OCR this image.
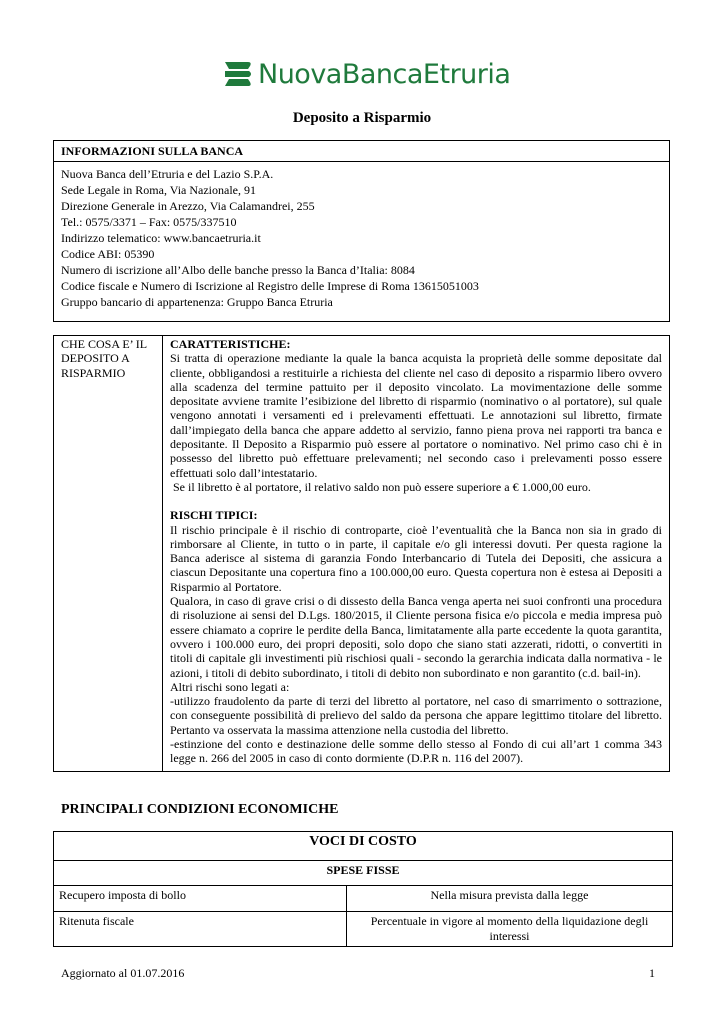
NuovaBancaEtruria
Deposito a Risparmio
INFORMAZIONI SULLA BANCA
Nuova Banca dell’Etruria e del Lazio S.P.A.
Sede Legale in Roma, Via Nazionale, 91
Direzione Generale in Arezzo, Via Calamandrei, 255
Tel.: 0575/3371 – Fax: 0575/337510
Indirizzo telematico: www.bancaetruria.it
Codice ABI: 05390
Numero di iscrizione all’Albo delle banche presso la Banca d’Italia: 8084
Codice fiscale e Numero di Iscrizione al Registro delle Imprese di Roma 13615051003
Gruppo bancario di appartenenza: Gruppo Banca Etruria
CHE COSA E’ IL DEPOSITO A RISPARMIO
CARATTERISTICHE:
Si tratta di operazione mediante la quale la banca acquista la proprietà delle somme depositate dal cliente, obbligandosi a restituirle a richiesta del cliente nel caso di deposito a risparmio libero ovvero alla scadenza del termine pattuito per il deposito vincolato. La movimentazione delle somme depositate avviene tramite l’esibizione del libretto di risparmio (nominativo o al portatore), sul quale vengono annotati i versamenti ed i prelevamenti effettuati. Le annotazioni sul libretto, firmate dall’impiegato della banca che appare addetto al servizio, fanno piena prova nei rapporti tra banca e depositante. Il Deposito a Risparmio può essere al portatore o nominativo. Nel primo caso chi è in possesso del libretto può effettuare prelevamenti; nel secondo caso i prelevamenti posso essere effettuati solo dall’intestatario.
Se il libretto è al portatore, il relativo saldo non può essere superiore a € 1.000,00 euro.
RISCHI TIPICI:
Il rischio principale è il rischio di controparte, cioè l’eventualità che la Banca non sia in grado di rimborsare al Cliente, in tutto o in parte, il capitale e/o gli interessi dovuti. Per questa ragione la Banca aderisce al sistema di garanzia Fondo Interbancario di Tutela dei Depositi, che assicura a ciascun Depositante una copertura fino a 100.000,00 euro. Questa copertura non è estesa ai Depositi a Risparmio al Portatore.
Qualora, in caso di grave crisi o di dissesto della Banca venga aperta nei suoi confronti una procedura di risoluzione ai sensi del D.Lgs. 180/2015, il Cliente persona fisica e/o piccola e media impresa può essere chiamato a coprire le perdite della Banca, limitatamente alla parte eccedente la quota garantita, ovvero i 100.000 euro, dei propri depositi, solo dopo che siano stati azzerati, ridotti, o convertiti in titoli di capitale gli investimenti più rischiosi quali - secondo la gerarchia indicata dalla normativa - le azioni, i titoli di debito subordinato, i titoli di debito non subordinato e non garantito (c.d. bail-in).
Altri rischi sono legati a:
-utilizzo fraudolento da parte di terzi del libretto al portatore, nel caso di smarrimento o sottrazione, con conseguente possibilità di prelievo del saldo da persona che appare legittimo titolare del libretto. Pertanto va osservata la massima attenzione nella custodia del libretto.
-estinzione del conto e destinazione delle somme dello stesso al Fondo di cui all’art 1 comma 343 legge n. 266 del 2005 in caso di conto dormiente (D.P.R n. 116 del 2007).
PRINCIPALI CONDIZIONI ECONOMICHE
VOCI DI COSTO	
SPESE FISSE	
Recupero imposta di bollo	Nella misura prevista dalla legge
Ritenuta fiscale	Percentuale in vigore al momento della liquidazione degli interessi
Aggiornato al 01.07.2016	1
